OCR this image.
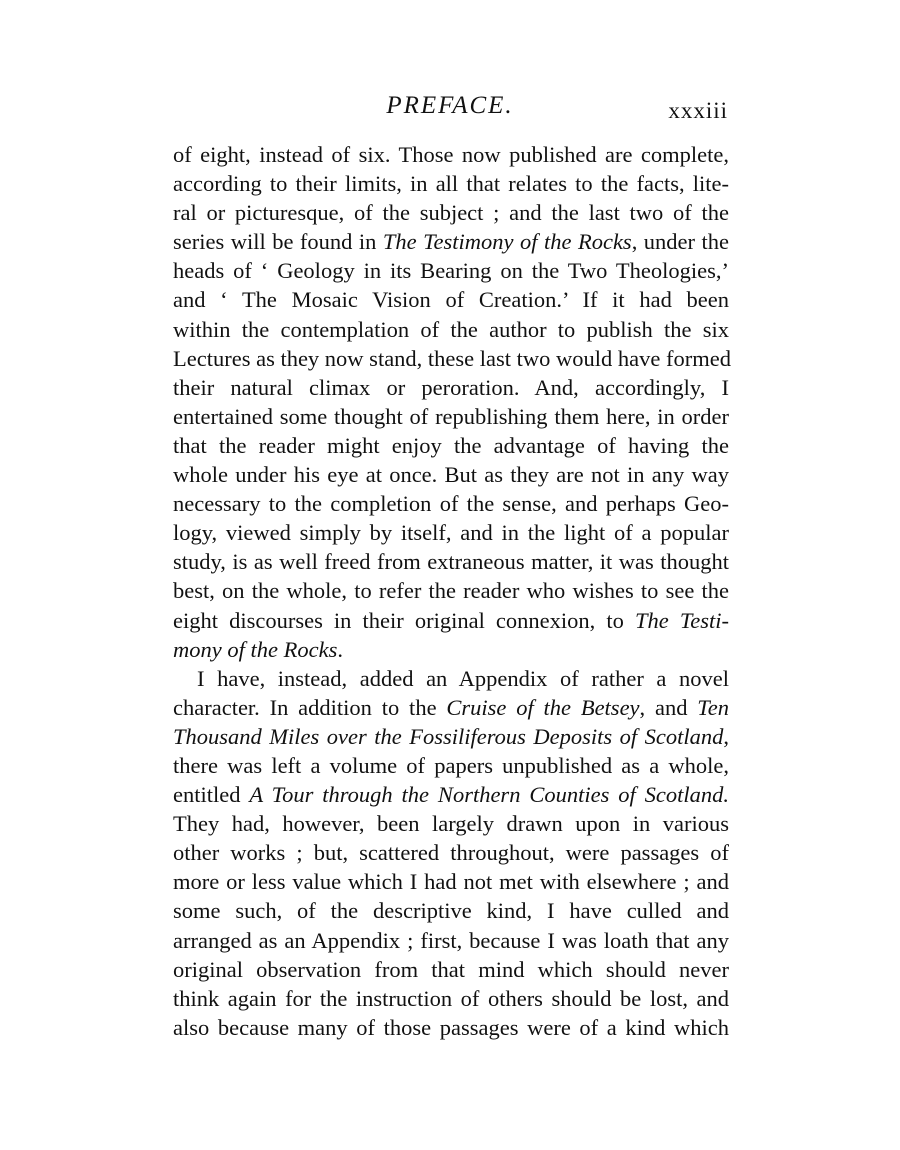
PREFACE.	xxxiii
of eight, instead of six. Those now published are complete,
according to their limits, in all that relates to the facts, lite-
ral or picturesque, of the subject ; and the last two of the
series will be found in The Testimony of the Rocks, under the
heads of ‘ Geology in its Bearing on the Two Theologies,’
and ‘ The Mosaic Vision of Creation.’ If it had been
within the contemplation of the author to publish the six
Lectures as they now stand, these last two would have formed
their natural climax or peroration. And, accordingly, I
entertained some thought of republishing them here, in order
that the reader might enjoy the advantage of having the
whole under his eye at once. But as they are not in any way
necessary to the completion of the sense, and perhaps Geo-
logy, viewed simply by itself, and in the light of a popular
study, is as well freed from extraneous matter, it was thought
best, on the whole, to refer the reader who wishes to see the
eight discourses in their original connexion, to The Testi-
mony of the Rocks.
I have, instead, added an Appendix of rather a novel
character. In addition to the Cruise of the Betsey, and Ten
Thousand Miles over the Fossiliferous Deposits of Scotland,
there was left a volume of papers unpublished as a whole,
entitled A Tour through the Northern Counties of Scotland.
They had, however, been largely drawn upon in various
other works ; but, scattered throughout, were passages of
more or less value which I had not met with elsewhere ; and
some such, of the descriptive kind, I have culled and
arranged as an Appendix ; first, because I was loath that any
original observation from that mind which should never
think again for the instruction of others should be lost, and
also because many of those passages were of a kind which
